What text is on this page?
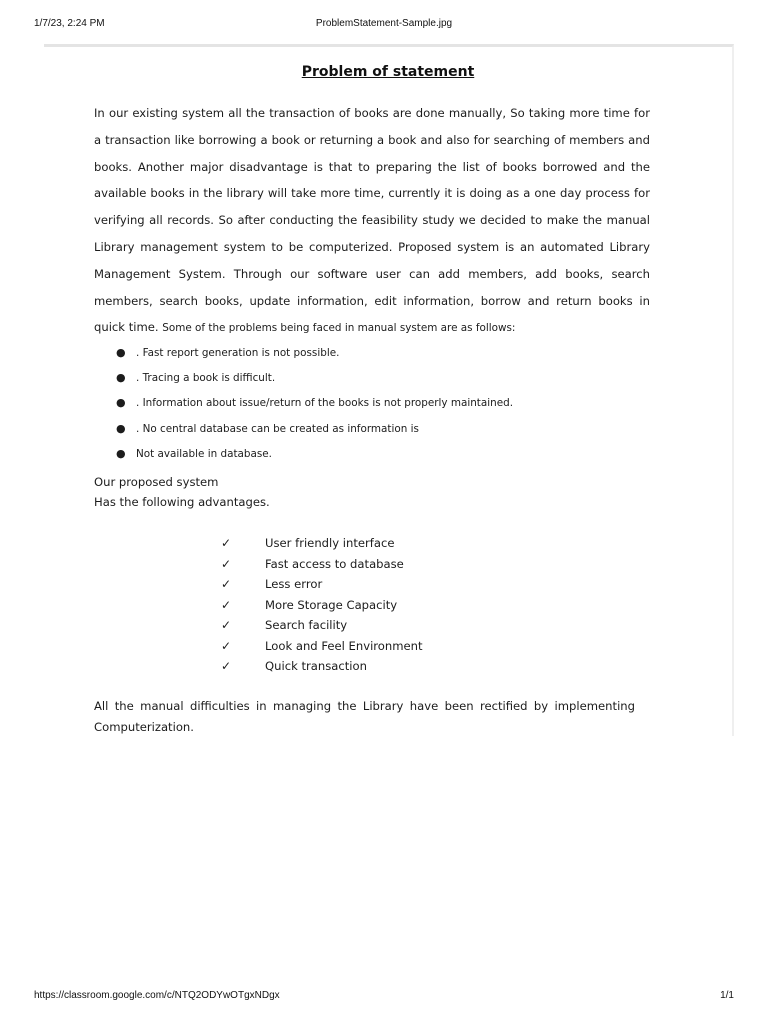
1/7/23, 2:24 PM	ProblemStatement-Sample.jpg
Problem of statement

In our existing system all the transaction of books are done manually, So taking more time for a transaction like borrowing a book or returning a book and also for searching of members and books. Another major disadvantage is that to preparing the list of books borrowed and the available books in the library will take more time, currently it is doing as a one day process for verifying all records. So after conducting the feasibility study we decided to make the manual Library management system to be computerized. Proposed system is an automated Library Management System. Through our software user can add members, add books, search members, search books, update information, edit information, borrow and return books in quick time. Some of the problems being faced in manual system are as follows:

● . Fast report generation is not possible.
● . Tracing a book is difficult.
● . Information about issue/return of the books is not properly maintained.
● . No central database can be created as information is
● Not available in database.
Our proposed system
Has the following advantages.
✓	User friendly interface
✓	Fast access to database
✓	Less error
✓	More Storage Capacity
✓	Search facility
✓	Look and Feel Environment
✓	Quick transaction

All the manual difficulties in managing the Library have been rectified by implementing Computerization.

https://classroom.google.com/c/NTQ2ODYwOTgxNDgx	1/1
